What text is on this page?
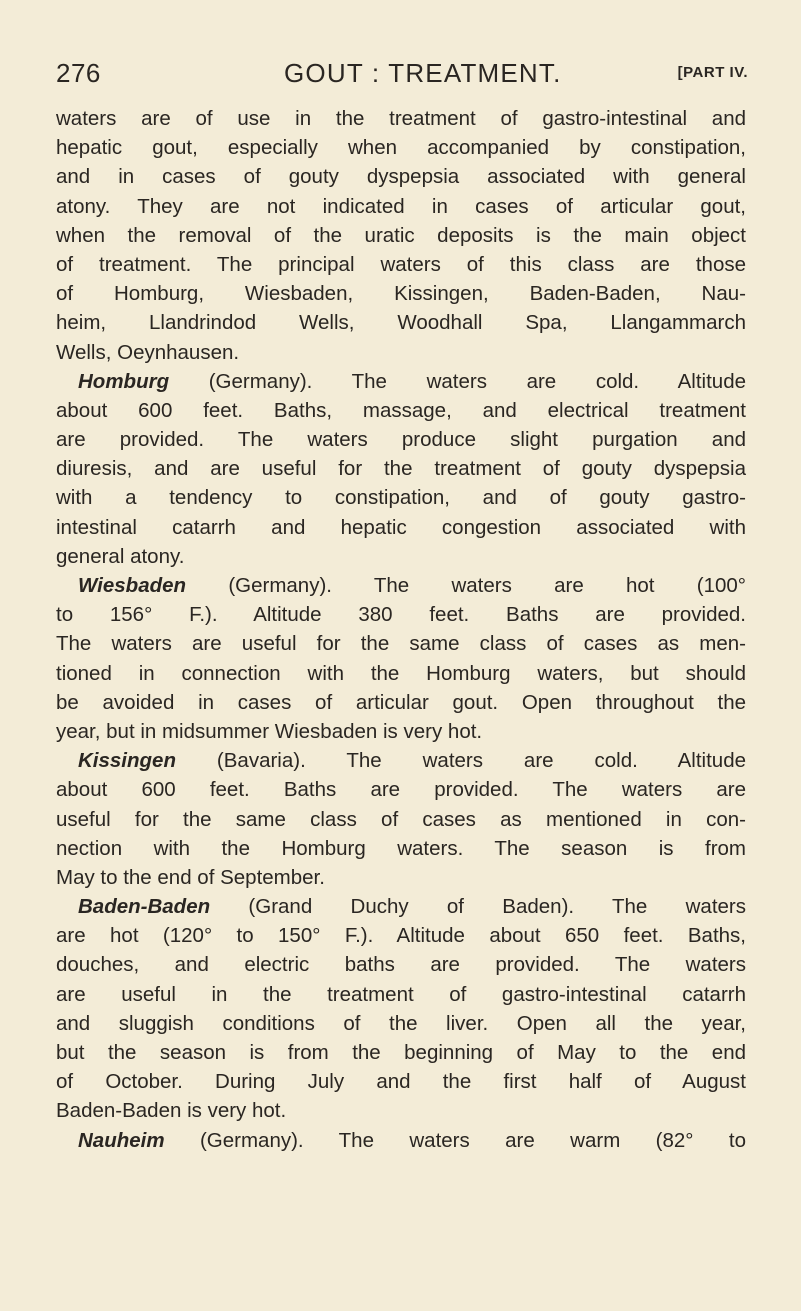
276	GOUT : TREATMENT.	[PART IV.
waters are of use in the treatment of gastro-intestinal and
hepatic gout, especially when accompanied by constipation,
and in cases of gouty dyspepsia associated with general
atony. They are not indicated in cases of articular gout,
when the removal of the uratic deposits is the main object
of treatment. The principal waters of this class are those
of Homburg, Wiesbaden, Kissingen, Baden-Baden, Nau-
heim, Llandrindod Wells, Woodhall Spa, Llangammarch
Wells, Oeynhausen.
Homburg (Germany). The waters are cold. Altitude
about 600 feet. Baths, massage, and electrical treatment
are provided. The waters produce slight purgation and
diuresis, and are useful for the treatment of gouty dyspepsia
with a tendency to constipation, and of gouty gastro-
intestinal catarrh and hepatic congestion associated with
general atony.
Wiesbaden (Germany). The waters are hot (100°
to 156° F.). Altitude 380 feet. Baths are provided.
The waters are useful for the same class of cases as men-
tioned in connection with the Homburg waters, but should
be avoided in cases of articular gout. Open throughout the
year, but in midsummer Wiesbaden is very hot.
Kissingen (Bavaria). The waters are cold. Altitude
about 600 feet. Baths are provided. The waters are
useful for the same class of cases as mentioned in con-
nection with the Homburg waters. The season is from
May to the end of September.
Baden-Baden (Grand Duchy of Baden). The waters
are hot (120° to 150° F.). Altitude about 650 feet. Baths,
douches, and electric baths are provided. The waters
are useful in the treatment of gastro-intestinal catarrh
and sluggish conditions of the liver. Open all the year,
but the season is from the beginning of May to the end
of October. During July and the first half of August
Baden-Baden is very hot.
Nauheim (Germany). The waters are warm (82° to
